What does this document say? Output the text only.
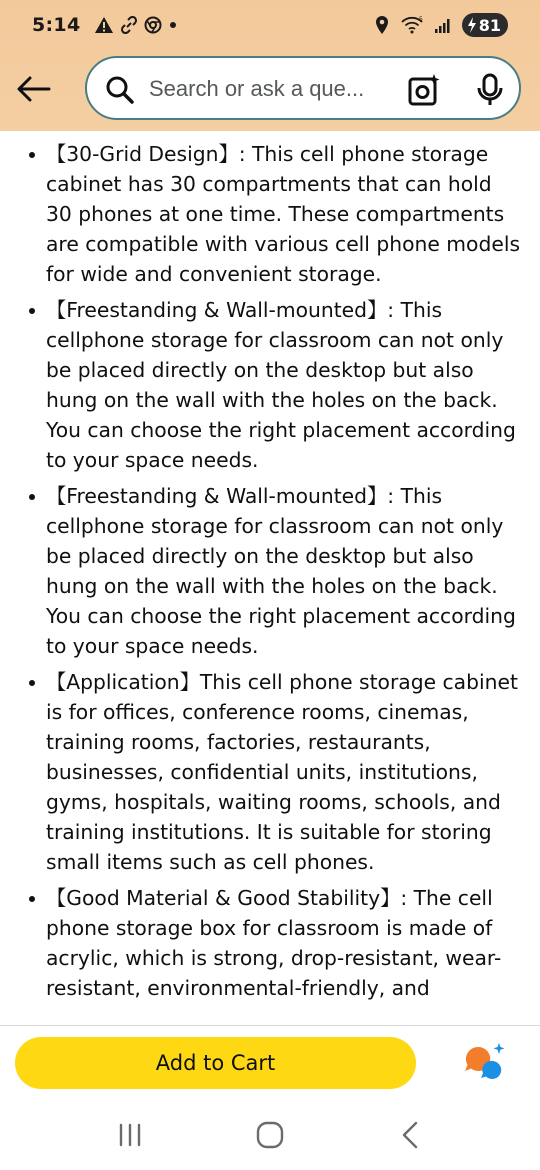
5:14	5	81
Search or ask a que...
【30-Grid Design】: This cell phone storage cabinet has 30 compartments that can hold 30 phones at one time. These compartments are compatible with various cell phone models for wide and convenient storage.
【Freestanding & Wall-mounted】: This cellphone storage for classroom can not only be placed directly on the desktop but also hung on the wall with the holes on the back. You can choose the right placement according to your space needs.
【Freestanding & Wall-mounted】: This cellphone storage for classroom can not only be placed directly on the desktop but also hung on the wall with the holes on the back. You can choose the right placement according to your space needs.
【Application】This cell phone storage cabinet is for offices, conference rooms, cinemas, training rooms, factories, restaurants, businesses, confidential units, institutions, gyms, hospitals, waiting rooms, schools, and training institutions. It is suitable for storing small items such as cell phones.
【Good Material & Good Stability】: The cell phone storage box for classroom is made of acrylic, which is strong, drop-resistant, wear-resistant, environmental-friendly, and
Add to Cart
